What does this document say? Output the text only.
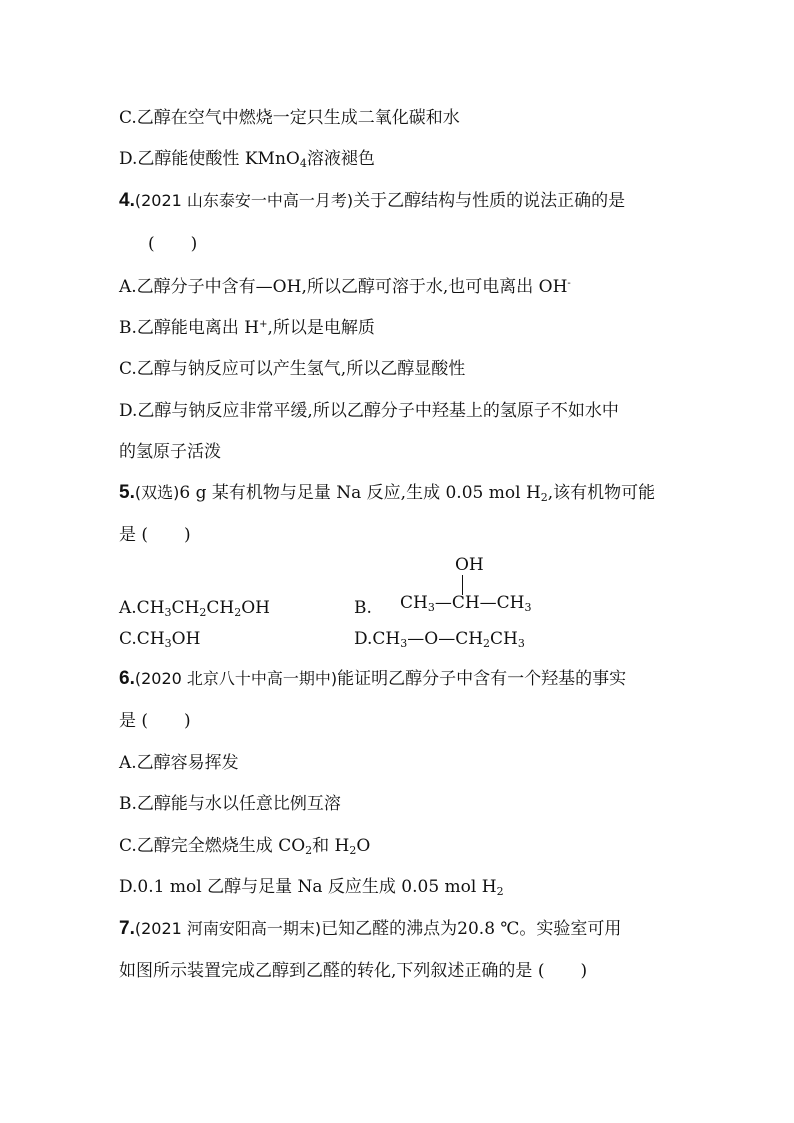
C.乙醇在空气中燃烧一定只生成二氧化碳和水
D.乙醇能使酸性 KMnO$_4$溶液褪色
4.(2021 山东泰安一中高一月考)关于乙醇结构与性质的说法正确的是
( )
A.乙醇分子中含有—OH,所以乙醇可溶于水,也可电离出 OH-
B.乙醇能电离出 H+,所以是电解质
C.乙醇与钠反应可以产生氢气,所以乙醇显酸性
D.乙醇与钠反应非常平缓,所以乙醇分子中羟基上的氢原子不如水中
的氢原子活泼
5.(双选)6 g 某有机物与足量 Na 反应,生成 0.05 mol $H_2$,该有机物可能
是 ( )
$A.CH_3CH_2CH_2OH$	B.
OH
$CH_3—CH—CH_3$
$C.CH_3OH$	$D.CH_3—O—CH_2CH_3$
6.(2020 北京八十中高一期中)能证明乙醇分子中含有一个羟基的事实
是 ( )
A.乙醇容易挥发
B.乙醇能与水以任意比例互溶
C.乙醇完全燃烧生成 $CO_2$和 $H_2O$
D.0.1 mol 乙醇与足量 Na 反应生成 0.05 mol $H_2$
7.(2021 河南安阳高一期末)已知乙醛的沸点为20.8 ℃。实验室可用
如图所示装置完成乙醇到乙醛的转化,下列叙述正确的是 ( )
